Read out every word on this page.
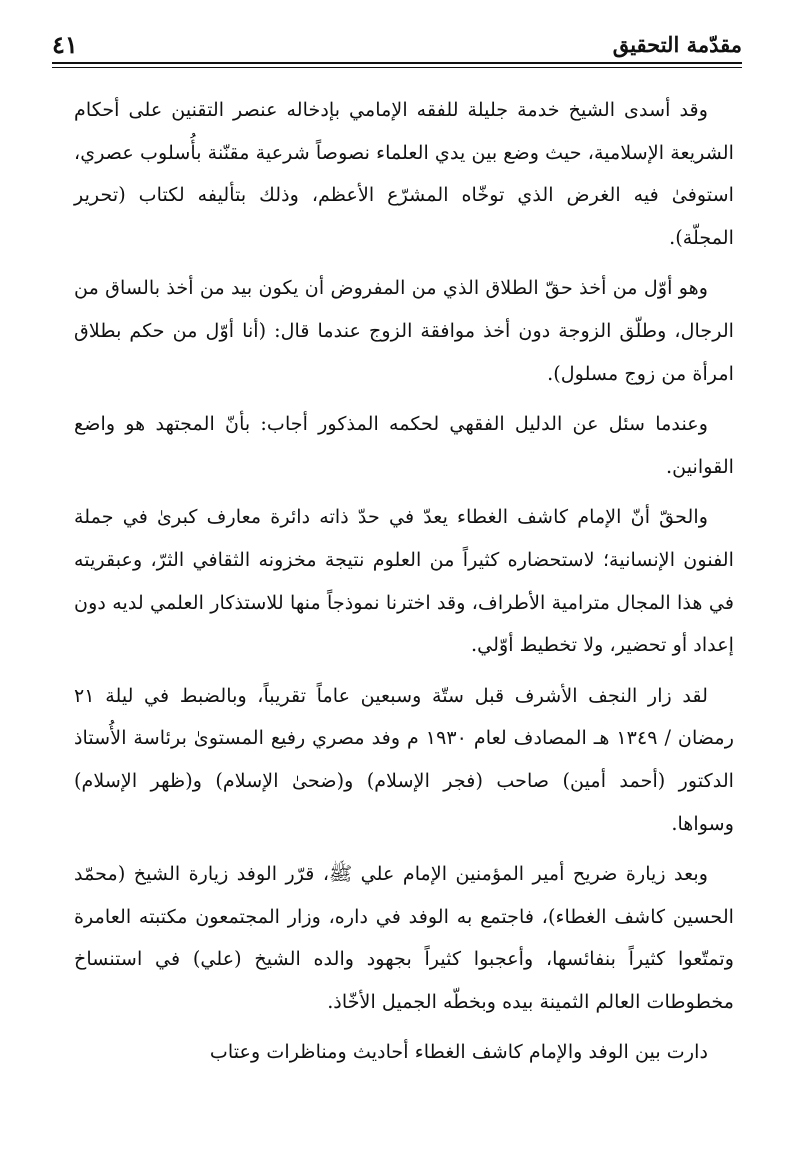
مقدّمة التحقيق
٤١

وقد أسدى الشيخ خدمة جليلة للفقه الإمامي بإدخاله عنصر التقنين على أحكام الشريعة الإسلامية، حيث وضع بين يدي العلماء نصوصاً شرعية مقنّنة بأُسلوب عصري، استوفىٰ فيه الغرض الذي توخّاه المشرّع الأعظم، وذلك بتأليفه لكتاب (تحرير المجلّة).

وهو أوّل من أخذ حقّ الطلاق الذي من المفروض أن يكون بيد من أخذ بالساق من الرجال، وطلّق الزوجة دون أخذ موافقة الزوج عندما قال: (أنا أوّل من حكم بطلاق امرأة من زوج مسلول).

وعندما سئل عن الدليل الفقهي لحكمه المذكور أجاب: بأنّ المجتهد هو واضع القوانين.

والحقّ أنّ الإمام كاشف الغطاء يعدّ في حدّ ذاته دائرة معارف كبرىٰ في جملة الفنون الإنسانية؛ لاستحضاره كثيراً من العلوم نتيجة مخزونه الثقافي الثرّ، وعبقريته في هذا المجال مترامية الأطراف، وقد اخترنا نموذجاً منها للاستذكار العلمي لديه دون إعداد أو تحضير، ولا تخطيط أوّلي.

لقد زار النجف الأشرف قبل ستّة وسبعين عاماً تقريباً، وبالضبط في ليلة ٢١ رمضان / ١٣٤٩ هـ المصادف لعام ١٩٣٠ م وفد مصري رفيع المستوىٰ برئاسة الأُستاذ الدكتور (أحمد أمين) صاحب (فجر الإسلام) و(ضحىٰ الإسلام) و(ظهر الإسلام) وسواها.

وبعد زيارة ضريح أمير المؤمنين الإمام علي ﷺ، قرّر الوفد زيارة الشيخ (محمّد الحسين كاشف الغطاء)، فاجتمع به الوفد في داره، وزار المجتمعون مكتبته العامرة وتمتّعوا كثيراً بنفائسها، وأعجبوا كثيراً بجهود والده الشيخ (علي) في استنساخ مخطوطات العالم الثمينة بيده وبخطّه الجميل الأخّاذ.

دارت بين الوفد والإمام كاشف الغطاء أحاديث ومناظرات وعتاب
